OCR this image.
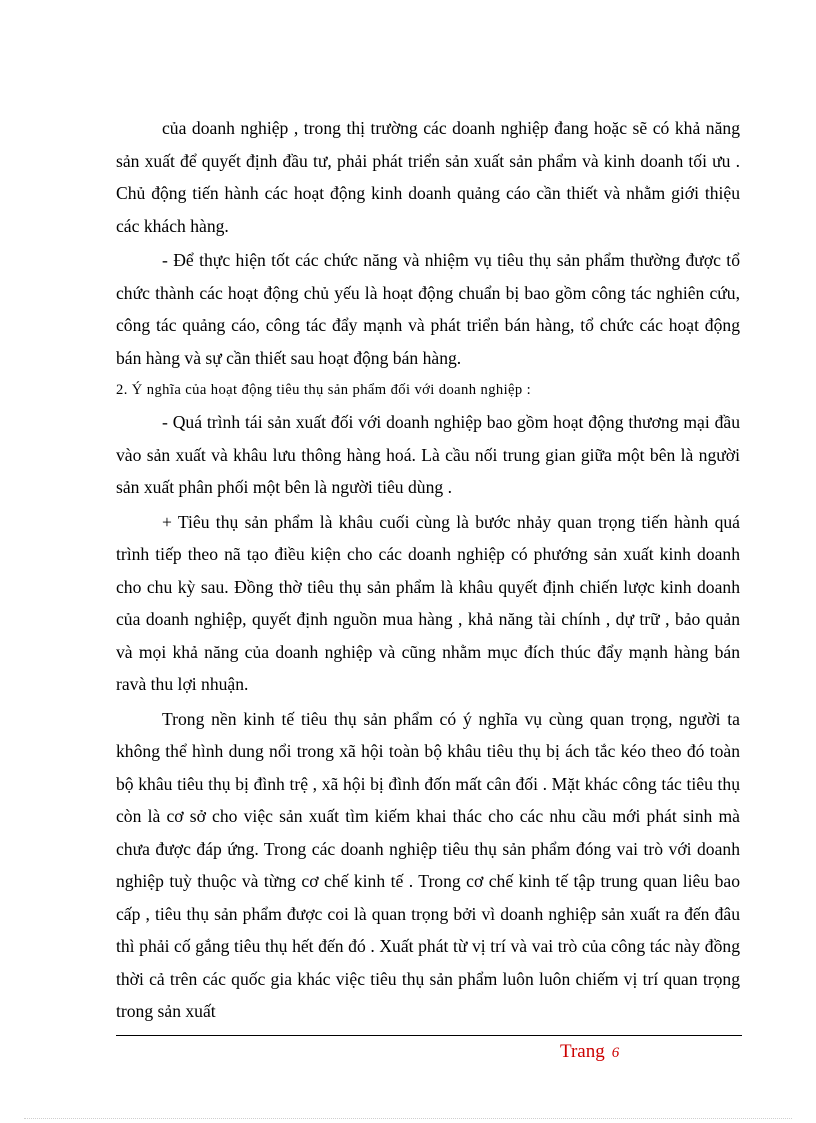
của doanh nghiệp , trong thị trường các doanh nghiệp đang hoặc sẽ có khả năng sản xuất để quyết định đầu tư, phải phát triển sản xuất sản phẩm và kinh doanh tối ưu . Chủ động tiến hành các hoạt động kinh doanh quảng cáo cần thiết và nhằm giới thiệu các khách hàng.

- Để thực hiện tốt các chức năng và nhiệm vụ tiêu thụ sản phẩm thường được tổ chức thành các hoạt động chủ yếu là hoạt động chuẩn bị bao gồm công tác nghiên cứu, công tác quảng cáo, công tác đẩy mạnh và phát triển bán hàng, tổ chức các hoạt động bán hàng và sự cần thiết sau hoạt động bán hàng.

2. Ý nghĩa của hoạt động tiêu thụ sản phẩm đối với doanh nghiệp :

- Quá trình tái sản xuất đối với doanh nghiệp bao gồm hoạt động thương mại đầu vào sản xuất và khâu lưu thông hàng hoá. Là cầu nối trung gian giữa một bên là người sản xuất phân phối một bên là người tiêu dùng .

+ Tiêu thụ sản phẩm là khâu cuối cùng là bước nhảy quan trọng tiến hành quá trình tiếp theo nã tạo điều kiện cho các doanh nghiệp có phướng sản xuất kinh doanh cho chu kỳ sau. Đồng thờ tiêu thụ sản phẩm là khâu quyết định chiến lược kinh doanh của doanh nghiệp, quyết định nguồn mua hàng , khả năng tài chính , dự trữ , bảo quản và mọi khả năng của doanh nghiệp và cũng nhằm mục đích thúc đẩy mạnh hàng bán ravà thu lợi nhuận.

Trong nền kinh tế tiêu thụ sản phẩm có ý nghĩa vụ cùng quan trọng, người ta không thể hình dung nổi trong xã hội toàn bộ khâu tiêu thụ bị ách tắc kéo theo đó toàn bộ khâu tiêu thụ bị đình trệ , xã hội bị đình đốn mất cân đối . Mặt khác công tác tiêu thụ còn là cơ sở cho việc sản xuất tìm kiếm khai thác cho các nhu cầu mới phát sinh mà chưa được đáp ứng. Trong các doanh nghiệp tiêu thụ sản phẩm đóng vai trò với doanh nghiệp tuỳ thuộc và từng cơ chế kinh tế . Trong cơ chế kinh tế tập trung quan liêu bao cấp , tiêu thụ sản phẩm được coi là quan trọng bởi vì doanh nghiệp sản xuất ra đến đâu thì phải cố gắng tiêu thụ hết đến đó . Xuất phát từ vị trí và vai trò của công tác này đồng thời cả trên các quốc gia khác việc tiêu thụ sản phẩm luôn luôn chiếm vị trí quan trọng trong sản xuất

Trang 6
